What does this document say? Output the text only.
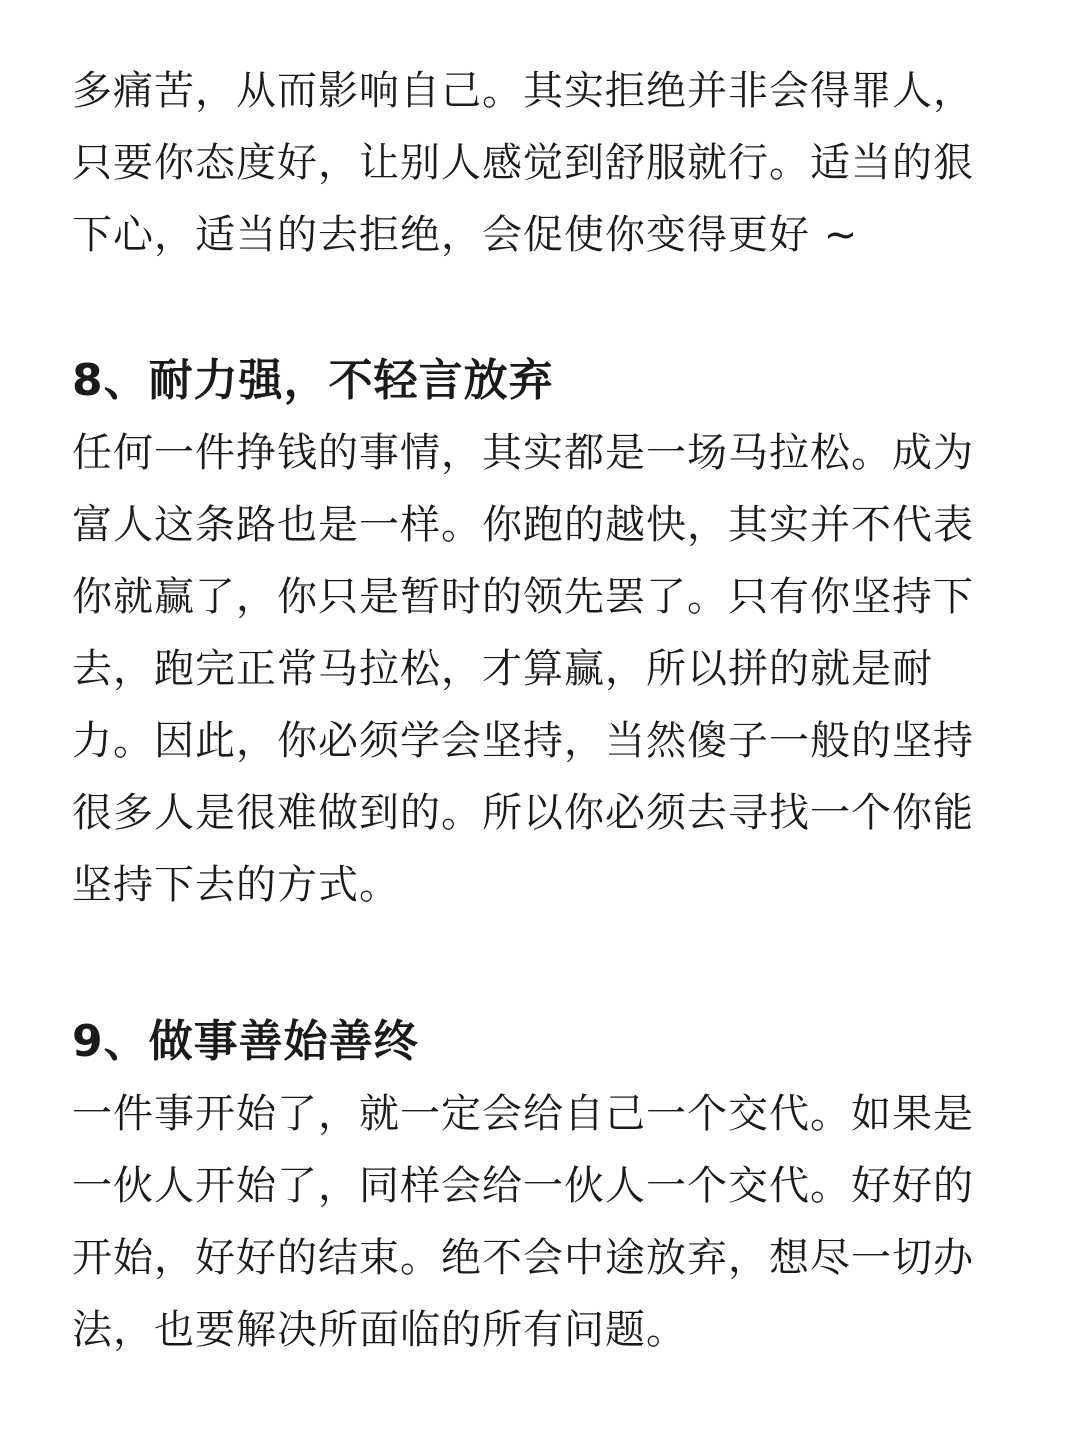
多痛苦，从而影响自己。其实拒绝并非会得罪人，
只要你态度好，让别人感觉到舒服就行。适当的狠
下心，适当的去拒绝，会促使你变得更好 ~

8、耐力强，不轻言放弃

任何一件挣钱的事情，其实都是一场马拉松。成为
富人这条路也是一样。你跑的越快，其实并不代表
你就赢了，你只是暂时的领先罢了。只有你坚持下
去，跑完正常马拉松，才算赢，所以拼的就是耐
力。因此，你必须学会坚持，当然傻子一般的坚持
很多人是很难做到的。所以你必须去寻找一个你能
坚持下去的方式。

9、做事善始善终

一件事开始了，就一定会给自己一个交代。如果是
一伙人开始了，同样会给一伙人一个交代。好好的
开始，好好的结束。绝不会中途放弃，想尽一切办
法，也要解决所面临的所有问题。
